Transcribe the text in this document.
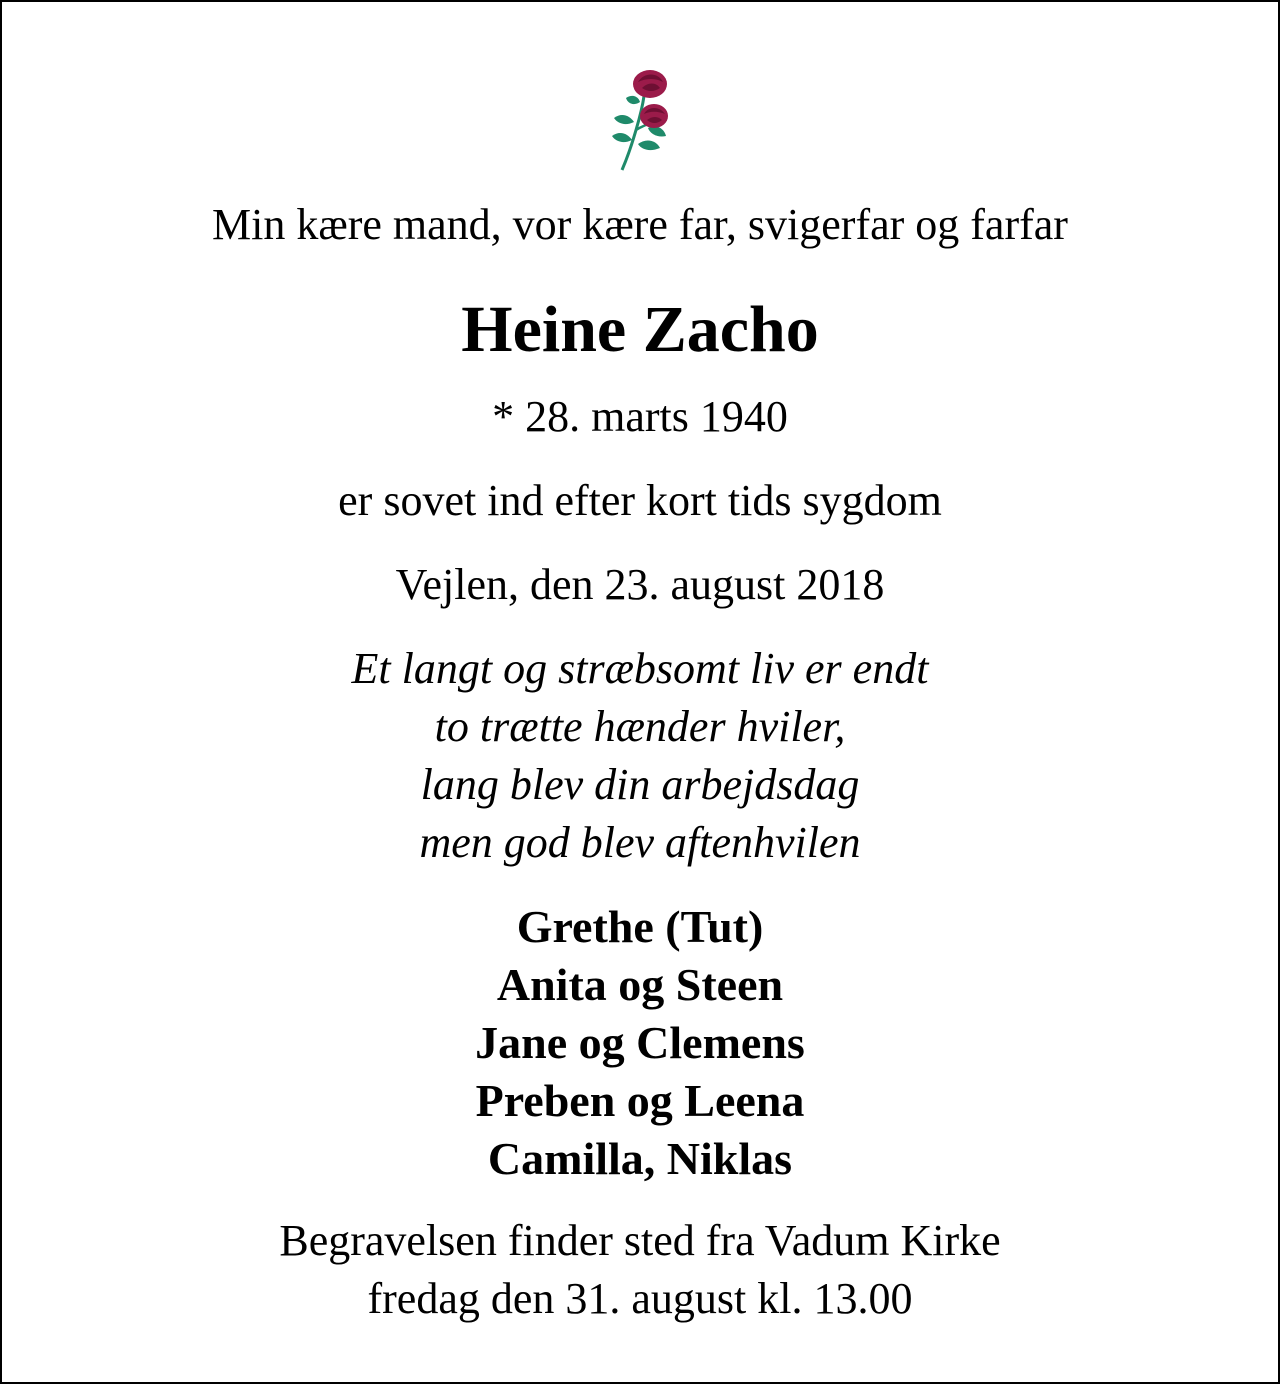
Min kære mand, vor kære far, svigerfar og farfar
Heine Zacho
* 28. marts 1940
er sovet ind efter kort tids sygdom
Vejlen, den 23. august 2018
Et langt og stræbsomt liv er endt
to trætte hænder hviler,
lang blev din arbejdsdag
men god blev aftenhvilen
Grethe (Tut)
Anita og Steen
Jane og Clemens
Preben og Leena
Camilla, Niklas
Begravelsen finder sted fra Vadum Kirke
fredag den 31. august kl. 13.00
